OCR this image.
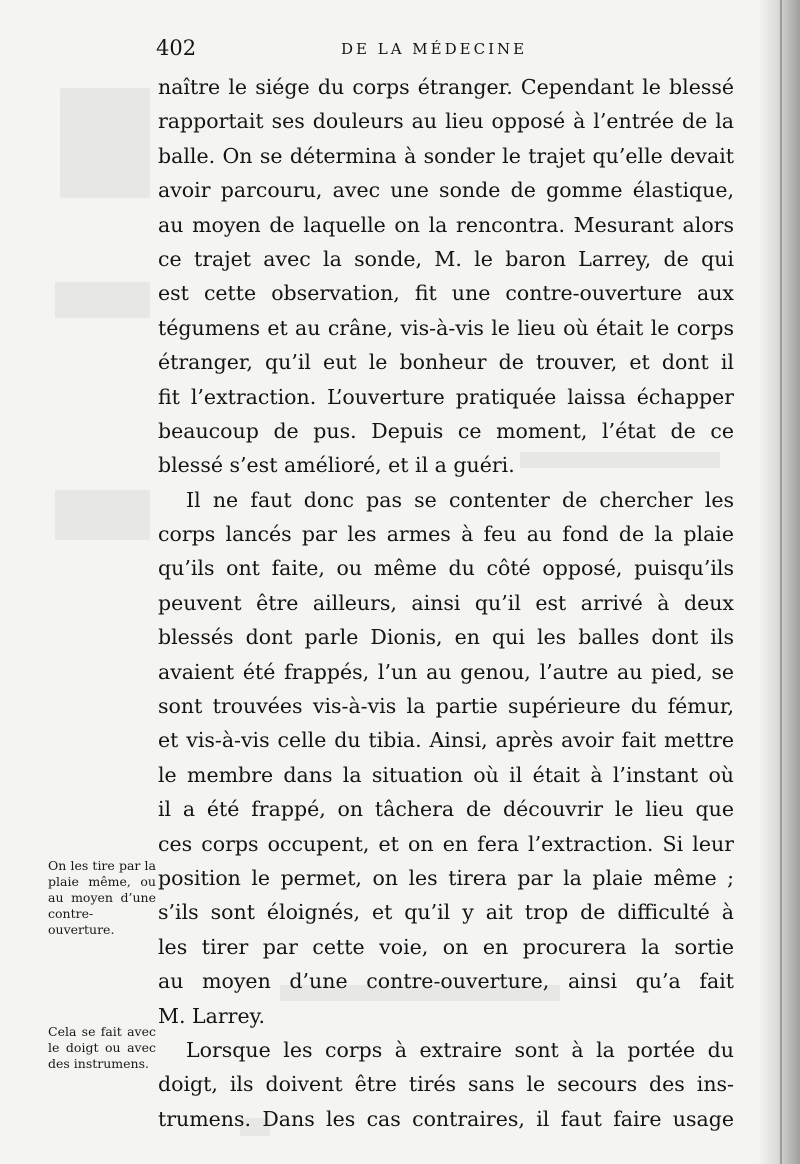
402	DE LA MÉDECINE
naître le siége du corps étranger. Cependant le blessé
rapportait ses douleurs au lieu opposé à l’entrée de la
balle. On se détermina à sonder le trajet qu’elle devait
avoir parcouru, avec une sonde de gomme élastique,
au moyen de laquelle on la rencontra. Mesurant alors
ce trajet avec la sonde, M. le baron Larrey, de qui
est cette observation, fit une contre-ouverture aux
tégumens et au crâne, vis-à-vis le lieu où était le corps
étranger, qu’il eut le bonheur de trouver, et dont il
fit l’extraction. L’ouverture pratiquée laissa échapper
beaucoup de pus. Depuis ce moment, l’état de ce
blessé s’est amélioré, et il a guéri.
Il ne faut donc pas se contenter de chercher les
corps lancés par les armes à feu au fond de la plaie
qu’ils ont faite, ou même du côté opposé, puisqu’ils
peuvent être ailleurs, ainsi qu’il est arrivé à deux
blessés dont parle Dionis, en qui les balles dont ils
avaient été frappés, l’un au genou, l’autre au pied, se
sont trouvées vis-à-vis la partie supérieure du fémur,
et vis-à-vis celle du tibia. Ainsi, après avoir fait mettre
le membre dans la situation où il était à l’instant où
il a été frappé, on tâchera de découvrir le lieu que
ces corps occupent, et on en fera l’extraction. Si leur
position le permet, on les tirera par la plaie même ;
s’ils sont éloignés, et qu’il y ait trop de difficulté à
les tirer par cette voie, on en procurera la sortie
au moyen d’une contre-ouverture, ainsi qu’a fait
M. Larrey.
Lorsque les corps à extraire sont à la portée du
doigt, ils doivent être tirés sans le secours des ins-
trumens. Dans les cas contraires, il faut faire usage
On les tire par la plaie même, ou au moyen d’une contre-ouverture.
Cela se fait avec le doigt ou avec des instrumens.
